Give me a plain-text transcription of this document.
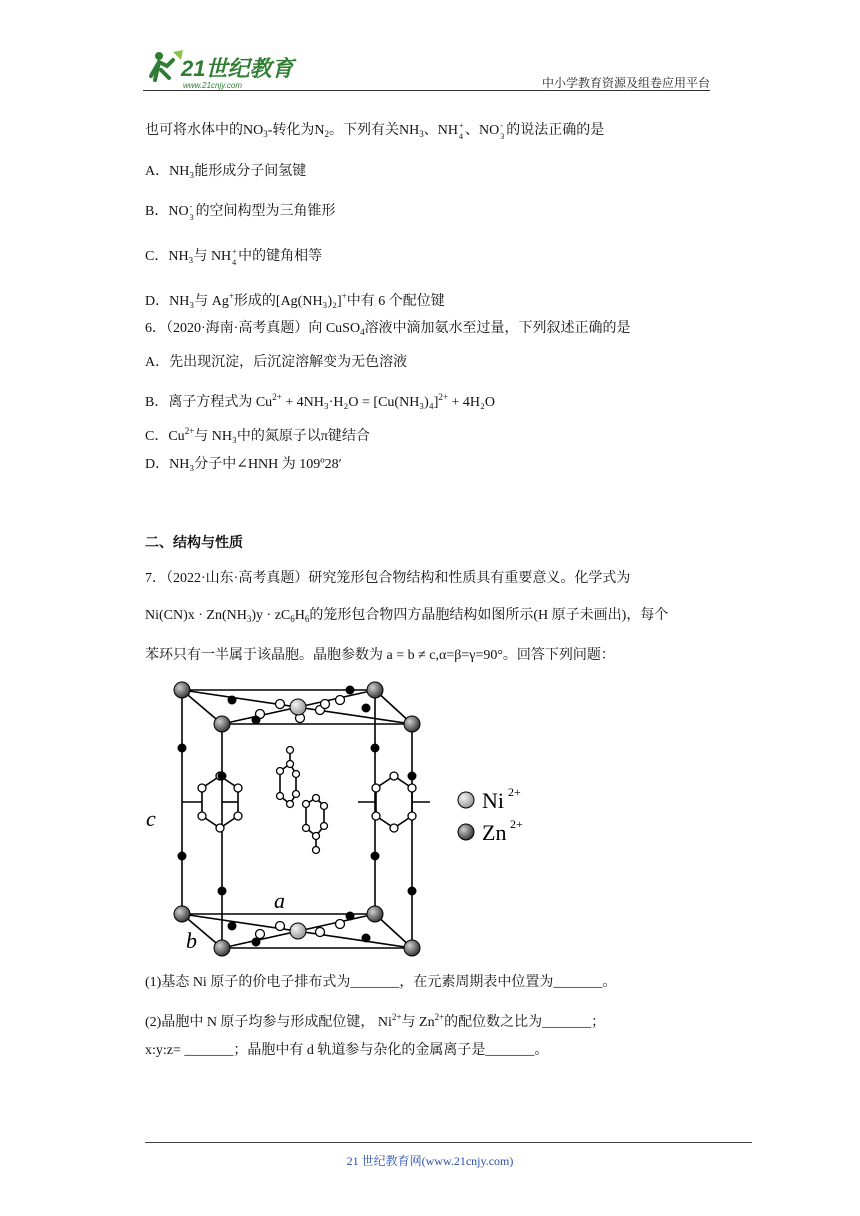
21世纪教育
www.21cnjy.com	中小学教育资源及组卷应用平台
也可将水体中的$NO_3-$转化为$N_2$。下列有关$NH_3$、NH +
4 、NO -
3 的说法正确的是
A．NH₃能形成分子间氢键
B．NO -
3 的空间构型为三角锥形
C．NH₃与 NH +
4 中的键角相等
D．NH₃与 Ag+形成的[Ag(NH₃)₂]+中有 6 个配位键
6．（2020·海南·高考真题）向 CuSO$_4$溶液中滴加氨水至过量，下列叙述正确的是
A．先出现沉淀，后沉淀溶解变为无色溶液
B．离子方程式为 $Cu^{2+} + 4NH_3\cdot H_2O = [Cu(NH_3)_4]^{2+} + 4H_2O$
C．$Cu^{2+}$与 NH₃中的氮原子以π键结合
D．NH₃分子中∠HNH 为 109º28′
二、结构与性质
7．（2022·山东·高考真题）研究笼形包合物结构和性质具有重要意义。化学式为
$Ni(CN)x \cdot Zn(NH_3)y \cdot zC_6H_6$的笼形包合物四方晶胞结构如图所示(H 原子未画出)，每个
苯环只有一半属于该晶胞。晶胞参数为 a = b ≠ c,α=β=γ=90°。回答下列问题：
c
a
b
Ni 2+
Zn 2+
(1)基态 Ni 原子的价电子排布式为_______，在元素周期表中位置为_______。
(2)晶胞中 N 原子均参与形成配位键， $Ni^{2+}$与 $Zn^{2+}$的配位数之比为_______；
x:y:z= _______；晶胞中有 d 轨道参与杂化的金属离子是_______。
21 世纪教育网(www.21cnjy.com)
